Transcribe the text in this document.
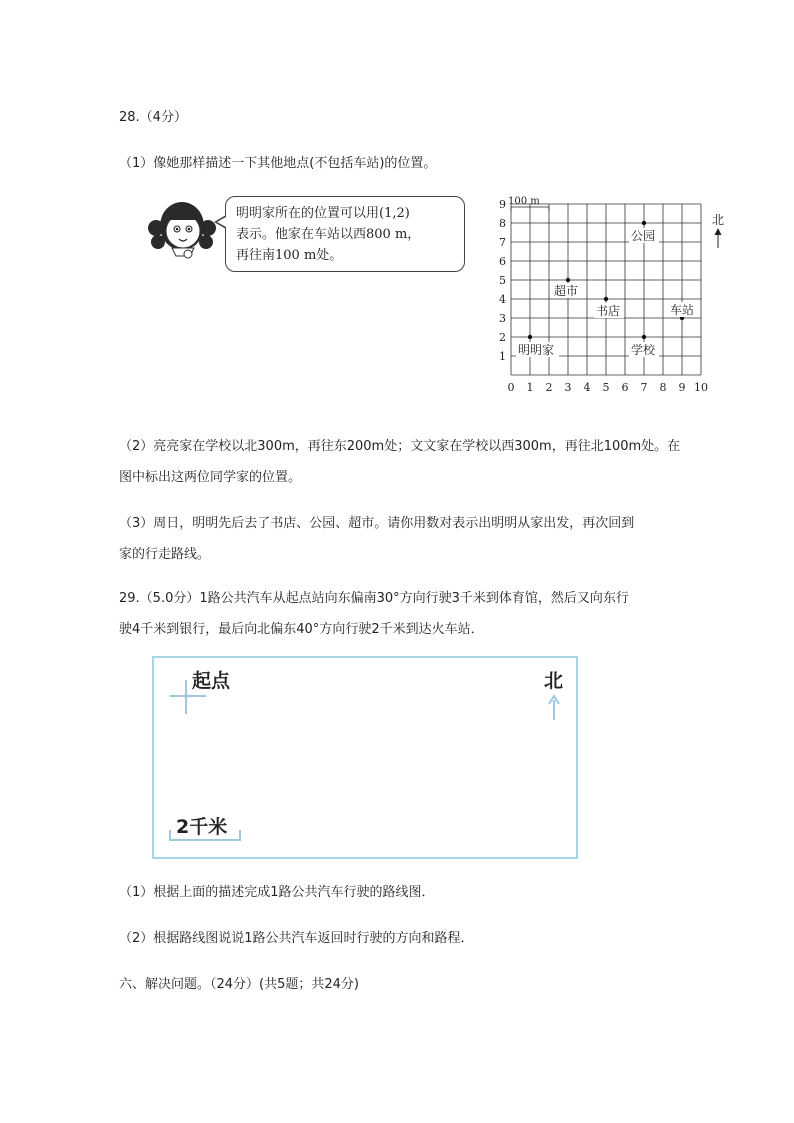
28.（4分）
（1）像她那样描述一下其他地点(不包括车站)的位置。
明明家所在的位置可以用(1,2)
表示。他家在车站以西800 m，
再往南100 m处。
0 1 2 3 4 5 6 7 8 9 10
1
2
3
4
5
6
7
8
9
明明家
超市
书店
公园
学校
车站
100 m
北
（2）亮亮家在学校以北300m，再往东200m处；文文家在学校以西300m，再往北100m处。在
图中标出这两位同学家的位置。
（3）周日，明明先后去了书店、公园、超市。请你用数对表示出明明从家出发，再次回到
家的行走路线。
29.（5.0分）1路公共汽车从起点站向东偏南30°方向行驶3千米到体育馆，然后又向东行
驶4千米到银行，最后向北偏东40°方向行驶2千米到达火车站．
起点	北
2千米
（1）根据上面的描述完成1路公共汽车行驶的路线图．
（2）根据路线图说说1路公共汽车返回时行驶的方向和路程．
六、解决问题。（24分）(共5题；共24分)
